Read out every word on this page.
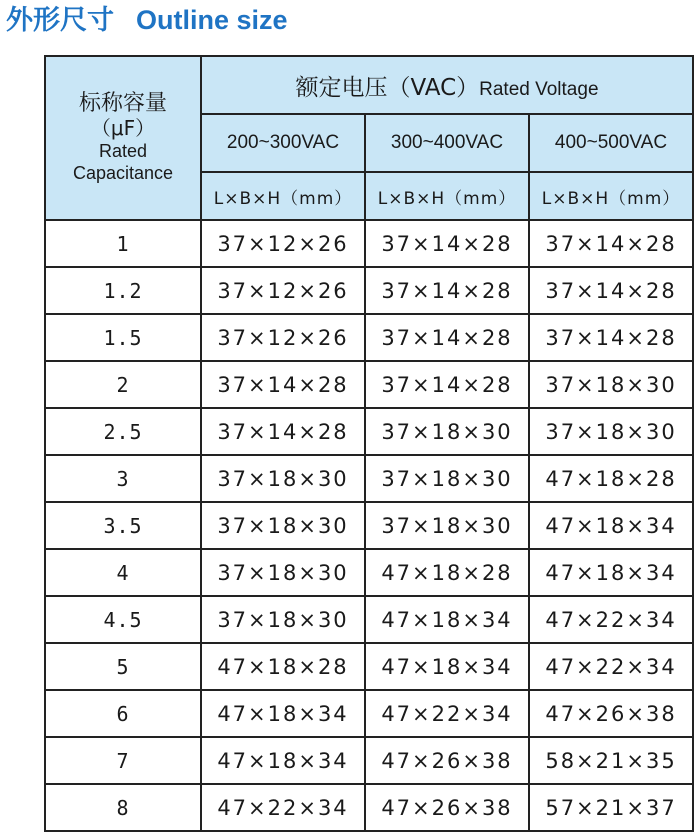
外形尺寸 Outline size
标称容量
（μF）
Rated
Capacitance	额定电压（VAC）Rated Voltage		
	200~300VAC	300~400VAC	400~500VAC
	L×B×H（mm）	L×B×H（mm）	L×B×H（mm）
1	37×12×26	37×14×28	37×14×28
1.2	37×12×26	37×14×28	37×14×28
1.5	37×12×26	37×14×28	37×14×28
2	37×14×28	37×14×28	37×18×30
2.5	37×14×28	37×18×30	37×18×30
3	37×18×30	37×18×30	47×18×28
3.5	37×18×30	37×18×30	47×18×34
4	37×18×30	47×18×28	47×18×34
4.5	37×18×30	47×18×34	47×22×34
5	47×18×28	47×18×34	47×22×34
6	47×18×34	47×22×34	47×26×38
7	47×18×34	47×26×38	58×21×35
8	47×22×34	47×26×38	57×21×37
